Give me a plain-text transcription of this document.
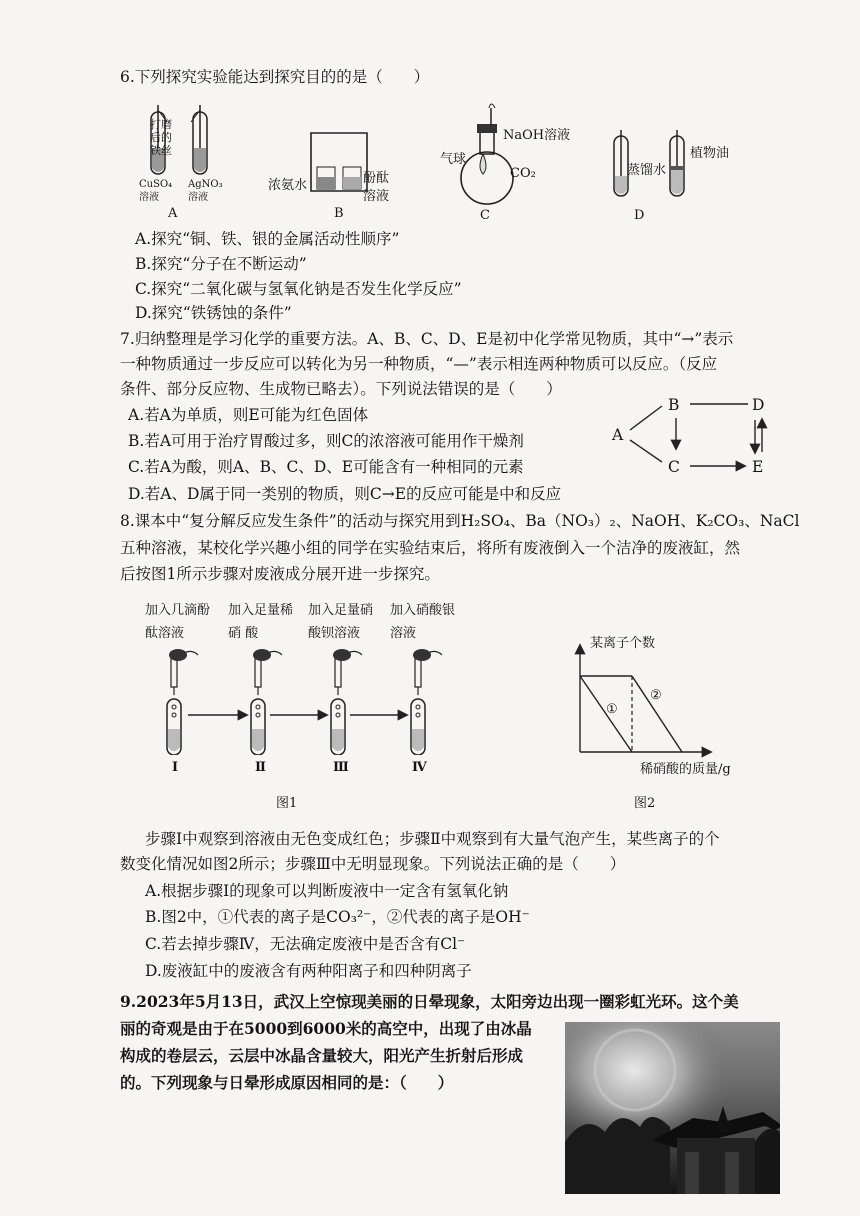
6.下列探究实验能达到探究目的的是（　　）
打磨后的铁丝
CuSO₄溶液
AgNO₃溶液
A
浓氨水	酚酞溶液
B
NaOH溶液
气球
CO₂
C
蒸馏水
植物油
D
A.探究“铜、铁、银的金属活动性顺序”
B.探究“分子在不断运动”
C.探究“二氧化碳与氢氧化钠是否发生化学反应”
D.探究“铁锈蚀的条件”
7.归纳整理是学习化学的重要方法。A、B、C、D、E是初中化学常见物质，其中“→”表示
一种物质通过一步反应可以转化为另一种物质，“—”表示相连两种物质可以反应。（反应
条件、部分反应物、生成物已略去）。下列说法错误的是（　　）
A.若A为单质，则E可能为红色固体
B.若A可用于治疗胃酸过多，则C的浓溶液可能用作干燥剂
C.若A为酸，则A、B、C、D、E可能含有一种相同的元素
D.若A、D属于同一类别的物质，则C→E的反应可能是中和反应
A
B
C
D
E
8.课本中“复分解反应发生条件”的活动与探究用到H₂SO₄、Ba（NO₃）₂、NaOH、K₂CO₃、NaCl
五种溶液，某校化学兴趣小组的同学在实验结束后，将所有废液倒入一个洁净的废液缸，然
后按图1所示步骤对废液成分展开进一步探究。
加入几滴酚
酞溶液
加入足量稀
硝 酸
加入足量硝
酸钡溶液
加入硝酸银
溶液
Ⅰ	Ⅱ	Ⅲ	Ⅳ
图1
某离子个数
①
②
稀硝酸的质量/g
图2
步骤Ⅰ中观察到溶液由无色变成红色；步骤Ⅱ中观察到有大量气泡产生，某些离子的个
数变化情况如图2所示；步骤Ⅲ中无明显现象。下列说法正确的是（　　）
A.根据步骤Ⅰ的现象可以判断废液中一定含有氢氧化钠
B.图2中，①代表的离子是CO₃²⁻，②代表的离子是OH⁻
C.若去掉步骤Ⅳ，无法确定废液中是否含有Cl⁻
D.废液缸中的废液含有两种阳离子和四种阴离子
9.2023年5月13日，武汉上空惊现美丽的日晕现象，太阳旁边出现一圈彩虹光环。这个美
丽的奇观是由于在5000到6000米的高空中，出现了由冰晶
构成的卷层云，云层中冰晶含量较大，阳光产生折射后形成
的。下列现象与日晕形成原因相同的是：（　　）
